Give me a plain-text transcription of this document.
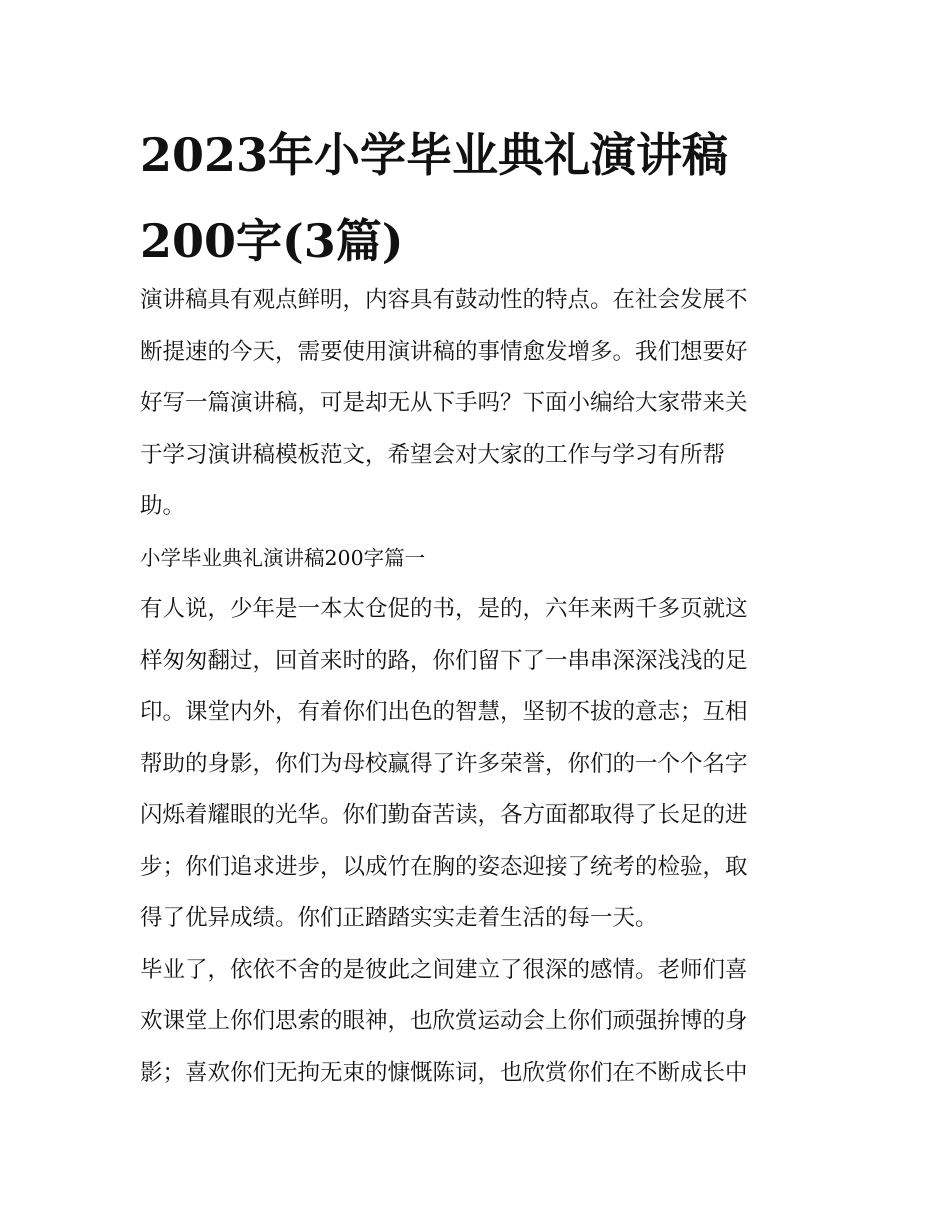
2023年小学毕业典礼演讲稿
200字(3篇)
演讲稿具有观点鲜明，内容具有鼓动性的特点。在社会发展不
断提速的今天，需要使用演讲稿的事情愈发增多。我们想要好
好写一篇演讲稿，可是却无从下手吗？下面小编给大家带来关
于学习演讲稿模板范文，希望会对大家的工作与学习有所帮
助。
小学毕业典礼演讲稿200字篇一
有人说，少年是一本太仓促的书，是的，六年来两千多页就这
样匆匆翻过，回首来时的路，你们留下了一串串深深浅浅的足
印。课堂内外，有着你们出色的智慧，坚韧不拔的意志；互相
帮助的身影，你们为母校赢得了许多荣誉，你们的一个个名字
闪烁着耀眼的光华。你们勤奋苦读，各方面都取得了长足的进
步；你们追求进步，以成竹在胸的姿态迎接了统考的检验，取
得了优异成绩。你们正踏踏实实走着生活的每一天。
毕业了，依依不舍的是彼此之间建立了很深的感情。老师们喜
欢课堂上你们思索的眼神，也欣赏运动会上你们顽强拚博的身
影；喜欢你们无拘无束的慷慨陈词，也欣赏你们在不断成长中
